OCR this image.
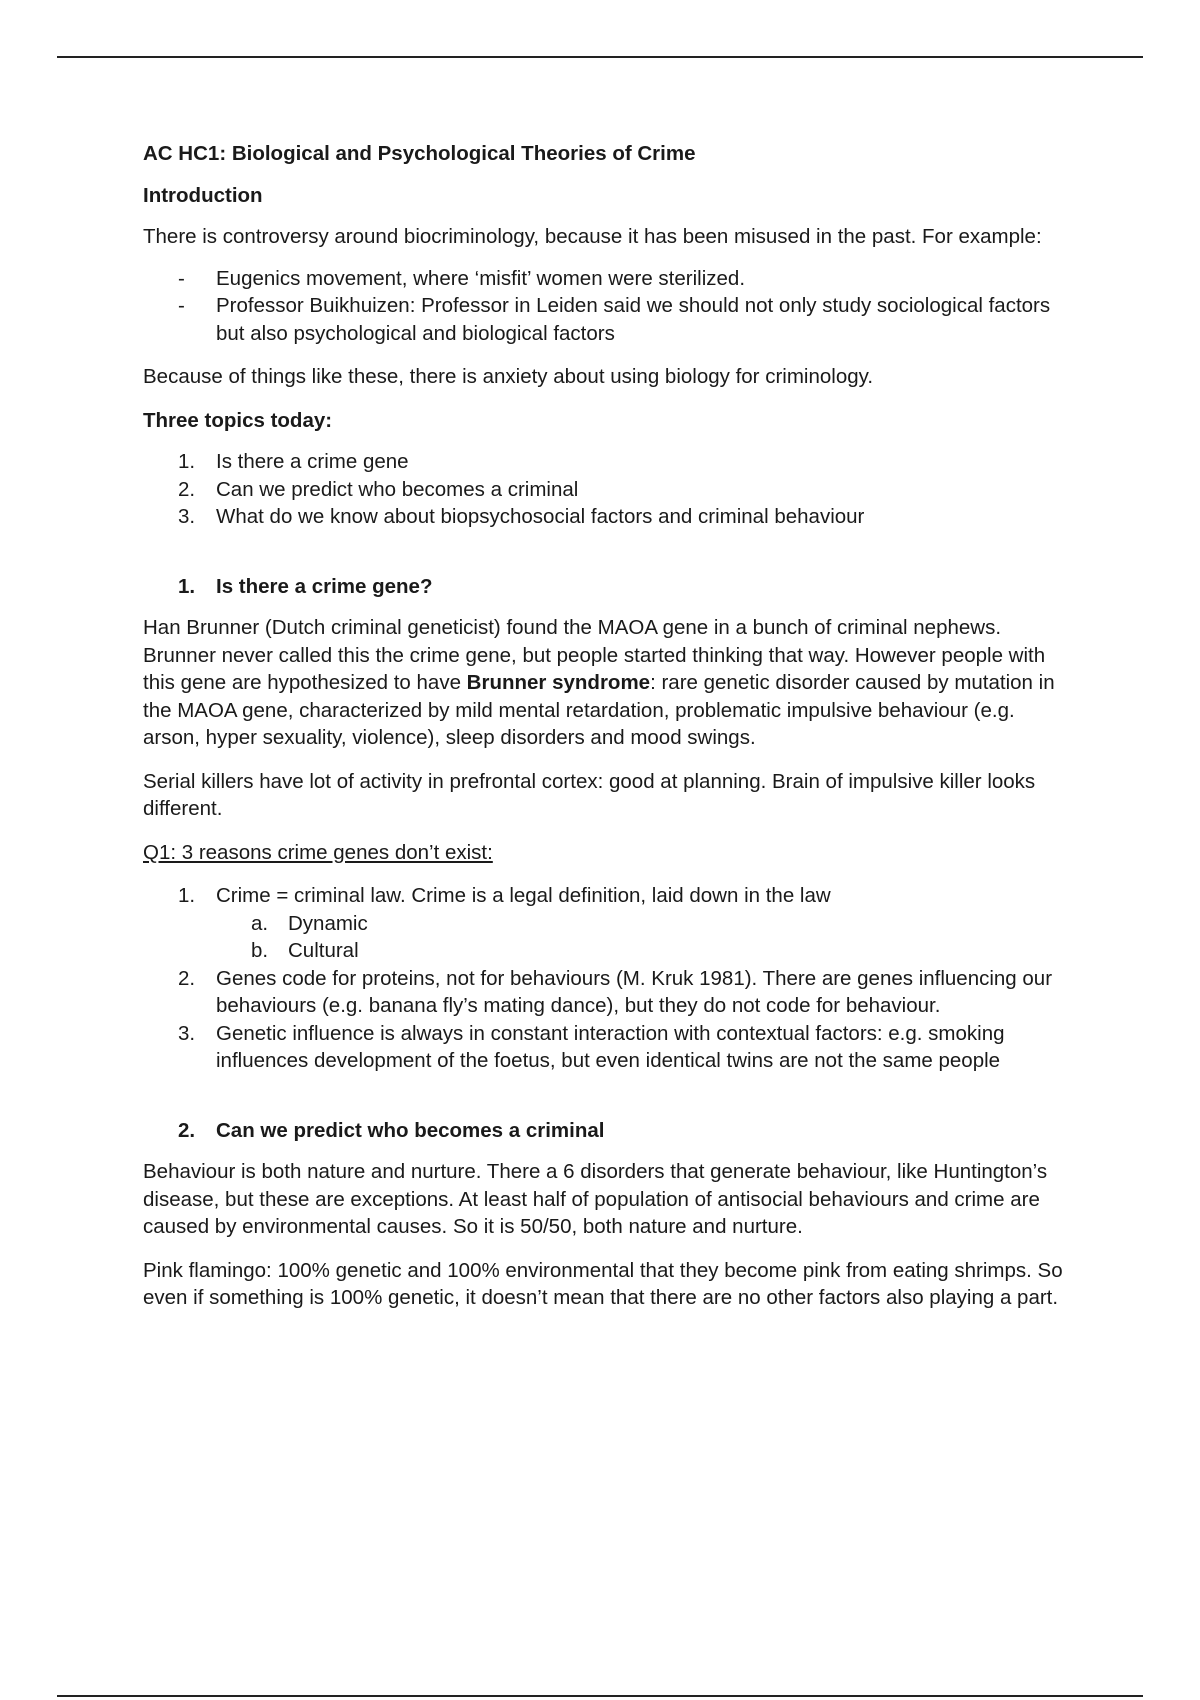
AC HC1: Biological and Psychological Theories of Crime

Introduction

There is controversy around biocriminology, because it has been misused in the past. For example:

-	Eugenics movement, where ‘misfit’ women were sterilized.
-	Professor Buikhuizen: Professor in Leiden said we should not only study sociological factors but also psychological and biological factors

Because of things like these, there is anxiety about using biology for criminology.

Three topics today:

1.	Is there a crime gene
2.	Can we predict who becomes a criminal
3.	What do we know about biopsychosocial factors and criminal behaviour
1. Is there a crime gene?

Han Brunner (Dutch criminal geneticist) found the MAOA gene in a bunch of criminal nephews. Brunner never called this the crime gene, but people started thinking that way. However people with this gene are hypothesized to have Brunner syndrome: rare genetic disorder caused by mutation in the MAOA gene, characterized by mild mental retardation, problematic impulsive behaviour (e.g. arson, hyper sexuality, violence), sleep disorders and mood swings.

Serial killers have lot of activity in prefrontal cortex: good at planning. Brain of impulsive killer looks different.

Q1: 3 reasons crime genes don’t exist:

1.	Crime = criminal law. Crime is a legal definition, laid down in the law
a. Dynamic
b. Cultural
2.	Genes code for proteins, not for behaviours (M. Kruk 1981). There are genes influencing our behaviours (e.g. banana fly’s mating dance), but they do not code for behaviour.
3.	Genetic influence is always in constant interaction with contextual factors: e.g. smoking influences development of the foetus, but even identical twins are not the same people
2. Can we predict who becomes a criminal

Behaviour is both nature and nurture. There a 6 disorders that generate behaviour, like Huntington’s disease, but these are exceptions. At least half of population of antisocial behaviours and crime are caused by environmental causes. So it is 50/50, both nature and nurture.

Pink flamingo: 100% genetic and 100% environmental that they become pink from eating shrimps. So even if something is 100% genetic, it doesn’t mean that there are no other factors also playing a part.
